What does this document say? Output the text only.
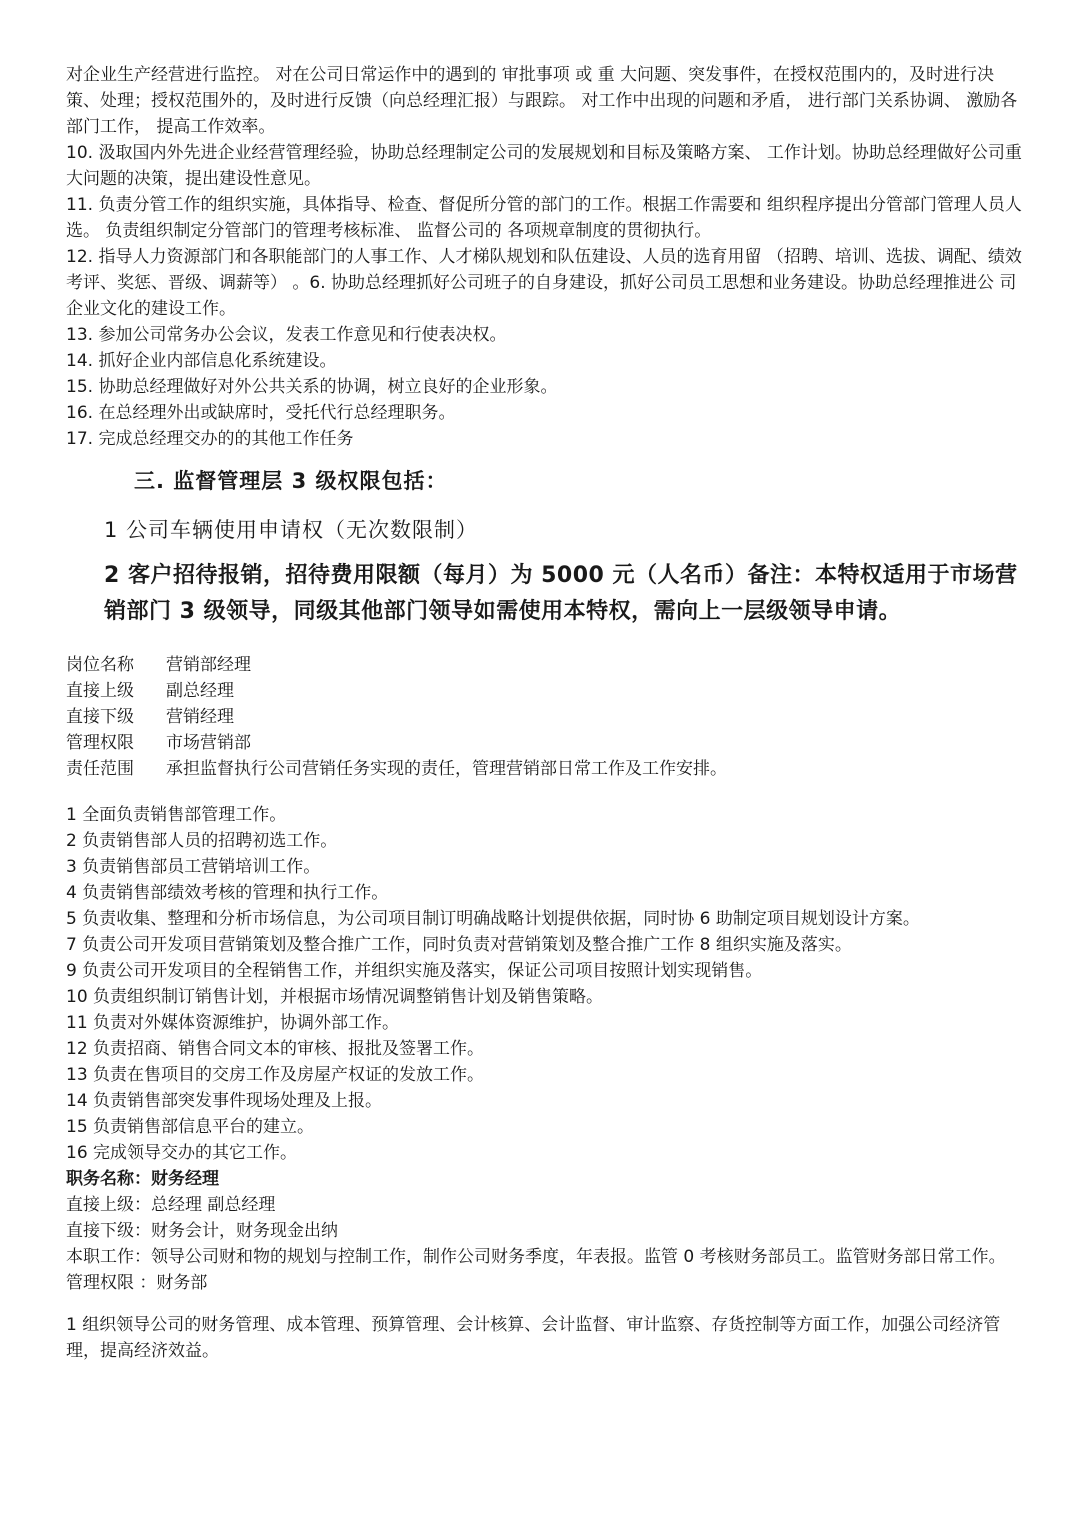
对企业生产经营进行监控。 对在公司日常运作中的遇到的 审批事项 或 重 大问题、突发事件，在授权范围内的，及时进行决策、处理；授权范围外的，及时进行反馈（向总经理汇报）与跟踪。 对工作中出现的问题和矛盾， 进行部门关系协调、 激励各部门工作， 提高工作效率。

10. 汲取国内外先进企业经营管理经验，协助总经理制定公司的发展规划和目标及策略方案、 工作计划。协助总经理做好公司重大问题的决策，提出建设性意见。

11. 负责分管工作的组织实施，具体指导、检查、督促所分管的部门的工作。根据工作需要和 组织程序提出分管部门管理人员人选。 负责组织制定分管部门的管理考核标准、 监督公司的 各项规章制度的贯彻执行。

12. 指导人力资源部门和各职能部门的人事工作、人才梯队规划和队伍建设、人员的选育用留 （招聘、培训、选拔、调配、绩效考评、奖惩、晋级、调薪等） 。6. 协助总经理抓好公司班子的自身建设，抓好公司员工思想和业务建设。协助总经理推进公 司企业文化的建设工作。

13. 参加公司常务办公会议，发表工作意见和行使表决权。

14. 抓好企业内部信息化系统建设。

15. 协助总经理做好对外公共关系的协调，树立良好的企业形象。

16. 在总经理外出或缺席时，受托代行总经理职务。

17. 完成总经理交办的的其他工作任务

三. 监督管理层 3 级权限包括：
1 公司车辆使用申请权（无次数限制）
2 客户招待报销，招待费用限额（每月）为 5000 元（人名币）备注：本特权适用于市场营销部门 3 级领导，同级其他部门领导如需使用本特权，需向上一层级领导申请。
岗位名称	营销部经理
直接上级	副总经理
直接下级	营销经理
管理权限	市场营销部
责任范围	承担监督执行公司营销任务实现的责任，管理营销部日常工作及工作安排。

1 全面负责销售部管理工作。

2 负责销售部人员的招聘初选工作。

3 负责销售部员工营销培训工作。

4 负责销售部绩效考核的管理和执行工作。

5 负责收集、整理和分析市场信息，为公司项目制订明确战略计划提供依据，同时协 6 助制定项目规划设计方案。

7 负责公司开发项目营销策划及整合推广工作，同时负责对营销策划及整合推广工作 8 组织实施及落实。

9 负责公司开发项目的全程销售工作，并组织实施及落实，保证公司项目按照计划实现销售。

10 负责组织制订销售计划，并根据市场情况调整销售计划及销售策略。

11 负责对外媒体资源维护，协调外部工作。

12 负责招商、销售合同文本的审核、报批及签署工作。

13 负责在售项目的交房工作及房屋产权证的发放工作。

14 负责销售部突发事件现场处理及上报。

15 负责销售部信息平台的建立。

16 完成领导交办的其它工作。

职务名称：财务经理

直接上级：总经理 副总经理

直接下级：财务会计，财务现金出纳

本职工作：领导公司财和物的规划与控制工作，制作公司财务季度，年表报。监管 0 考核财务部员工。监管财务部日常工作。

管理权限 ：财务部

1 组织领导公司的财务管理、成本管理、预算管理、会计核算、会计监督、审计监察、存货控制等方面工作，加强公司经济管理，提高经济效益。
